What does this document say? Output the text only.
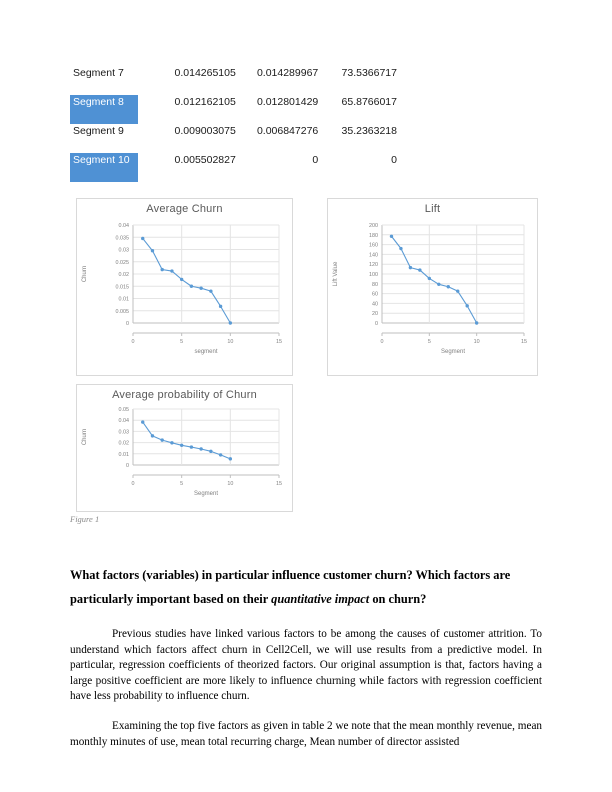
Segment 7	0.014265105	0.014289967	73.5366717

Segment 8	0.012162105	0.012801429	65.8766017

Segment 9	0.009003075	0.006847276	35.2363218

Segment 10	0.005502827	0	0
Average Churn
0
0.005
0.01
0.015
0.02
0.025
0.03
0.035
0.04
0	5	10	15
segment
Churn
Lift
0
20
40
60
80
100
120
140
160
180
200
0	5	10	15
Segment
Lift Value
Average probability of Churn
0
0.01
0.02
0.03
0.04
0.05
0	5	10	15
Segment
Churn
Figure 1
What factors (variables) in particular influence customer churn? Which factors are particularly important based on their quantitative impact on churn?

Previous studies have linked various factors to be among the causes of customer attrition. To understand which factors affect churn in Cell2Cell, we will use results from a predictive model. In particular, regression coefficients of theorized factors. Our original assumption is that, factors having a large positive coefficient are more likely to influence churning while factors with regression coefficient have less probability to influence churn.

Examining the top five factors as given in table 2 we note that the mean monthly revenue, mean monthly minutes of use, mean total recurring charge, Mean number of director assisted
